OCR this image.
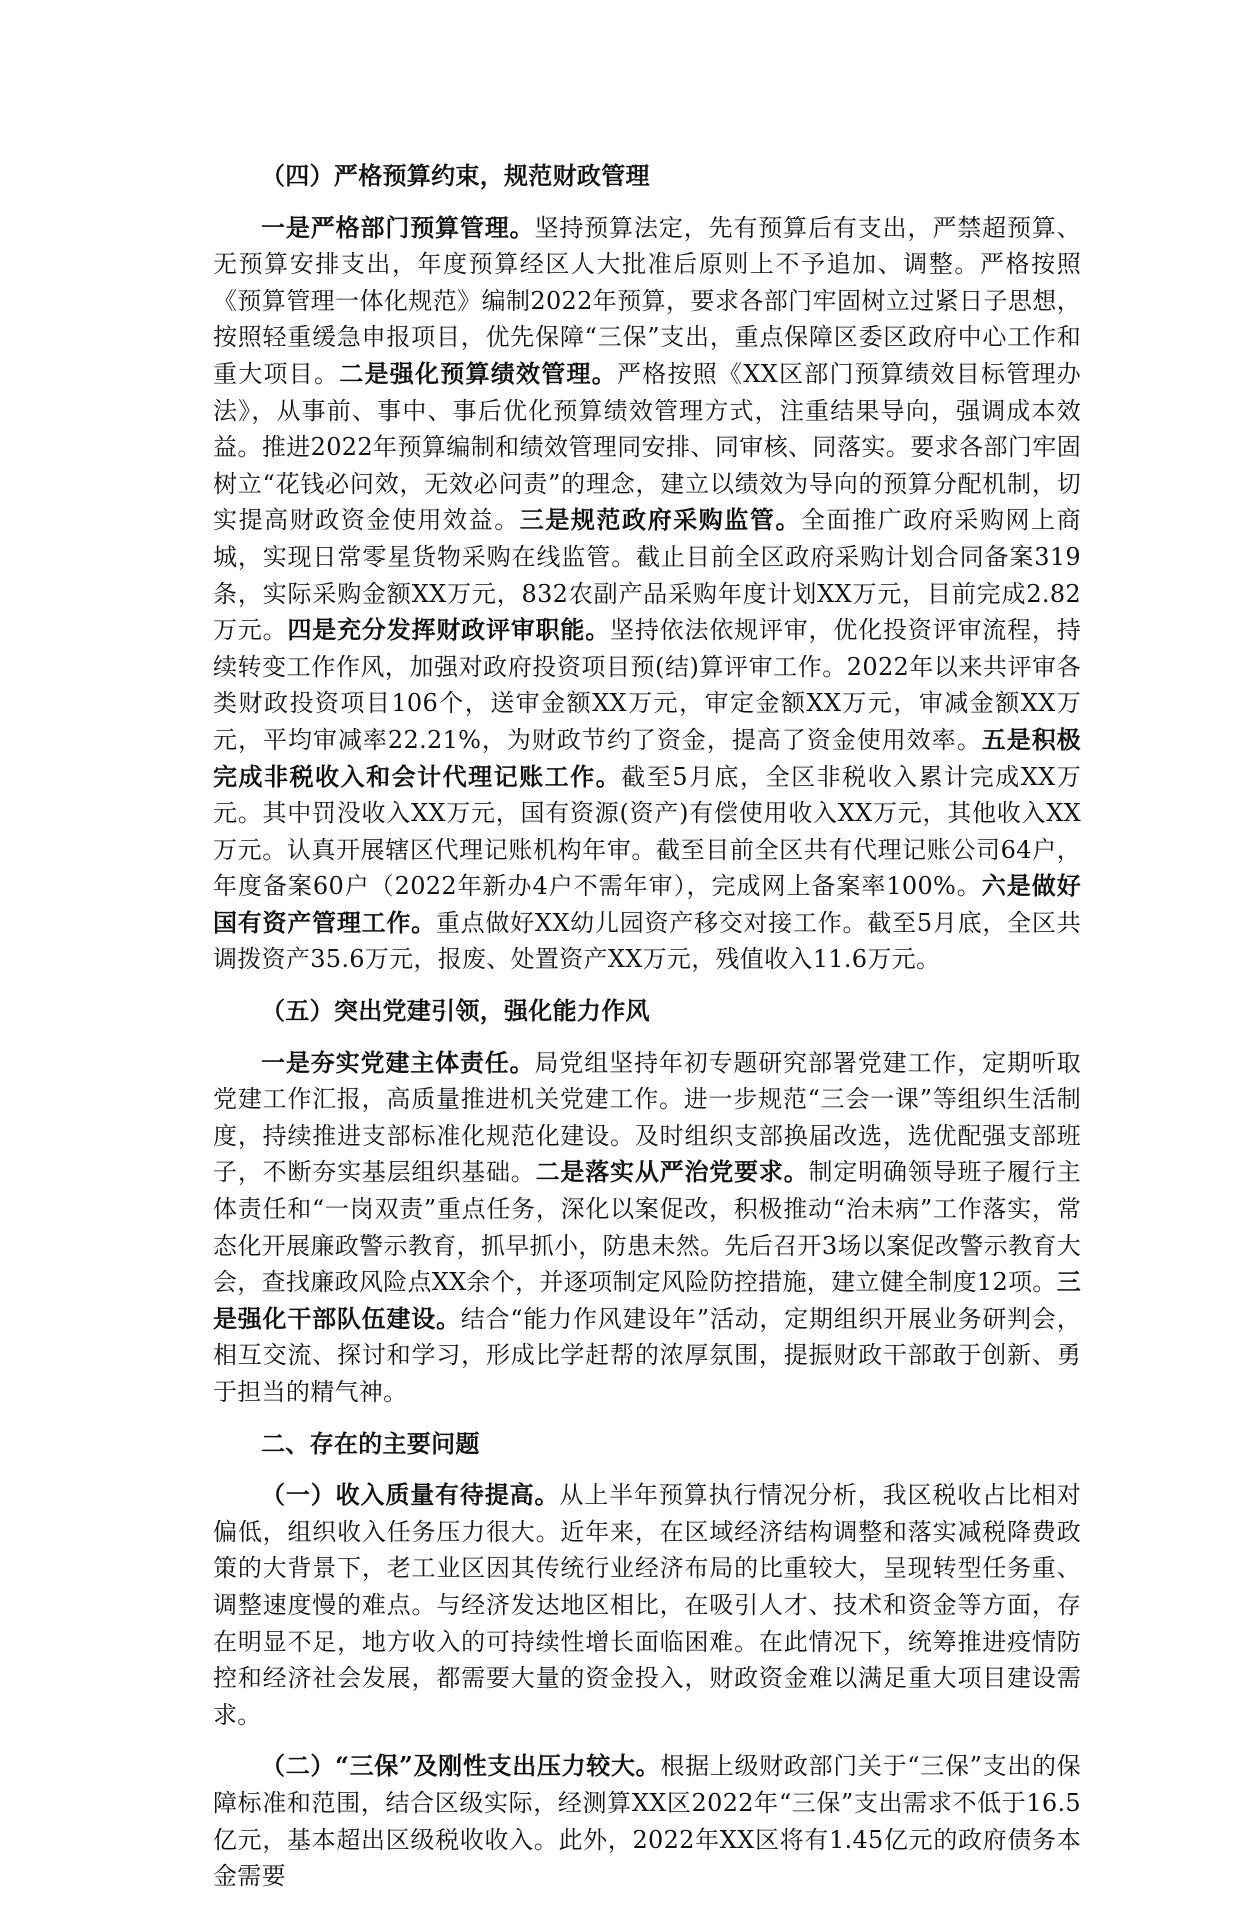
（四）严格预算约束，规范财政管理

一是严格部门预算管理。坚持预算法定，先有预算后有支出，严禁超预算、无预算安排支出，年度预算经区人大批准后原则上不予追加、调整。严格按照《预算管理一体化规范》编制2022年预算，要求各部门牢固树立过紧日子思想，按照轻重缓急申报项目，优先保障“三保”支出，重点保障区委区政府中心工作和重大项目。二是强化预算绩效管理。严格按照《XX区部门预算绩效目标管理办法》，从事前、事中、事后优化预算绩效管理方式，注重结果导向，强调成本效益。推进2022年预算编制和绩效管理同安排、同审核、同落实。要求各部门牢固树立“花钱必问效，无效必问责”的理念，建立以绩效为导向的预算分配机制，切实提高财政资金使用效益。三是规范政府采购监管。全面推广政府采购网上商城，实现日常零星货物采购在线监管。截止目前全区政府采购计划合同备案319条，实际采购金额XX万元，832农副产品采购年度计划XX万元，目前完成2.82万元。四是充分发挥财政评审职能。坚持依法依规评审，优化投资评审流程，持续转变工作作风，加强对政府投资项目预(结)算评审工作。2022年以来共评审各类财政投资项目106个，送审金额XX万元，审定金额XX万元，审减金额XX万元，平均审减率22.21%，为财政节约了资金，提高了资金使用效率。五是积极完成非税收入和会计代理记账工作。截至5月底，全区非税收入累计完成XX万元。其中罚没收入XX万元，国有资源(资产)有偿使用收入XX万元，其他收入XX万元。认真开展辖区代理记账机构年审。截至目前全区共有代理记账公司64户，年度备案60户（2022年新办4户不需年审），完成网上备案率100%。六是做好国有资产管理工作。重点做好XX幼儿园资产移交对接工作。截至5月底，全区共调拨资产35.6万元，报废、处置资产XX万元，残值收入11.6万元。

（五）突出党建引领，强化能力作风

一是夯实党建主体责任。局党组坚持年初专题研究部署党建工作，定期听取党建工作汇报，高质量推进机关党建工作。进一步规范“三会一课”等组织生活制度，持续推进支部标准化规范化建设。及时组织支部换届改选，选优配强支部班子，不断夯实基层组织基础。二是落实从严治党要求。制定明确领导班子履行主体责任和“一岗双责”重点任务，深化以案促改，积极推动“治未病”工作落实，常态化开展廉政警示教育，抓早抓小，防患未然。先后召开3场以案促改警示教育大会，查找廉政风险点XX余个，并逐项制定风险防控措施，建立健全制度12项。三是强化干部队伍建设。结合“能力作风建设年”活动，定期组织开展业务研判会，相互交流、探讨和学习，形成比学赶帮的浓厚氛围，提振财政干部敢于创新、勇于担当的精气神。

二、存在的主要问题

（一）收入质量有待提高。从上半年预算执行情况分析，我区税收占比相对偏低，组织收入任务压力很大。近年来，在区域经济结构调整和落实减税降费政策的大背景下，老工业区因其传统行业经济布局的比重较大，呈现转型任务重、调整速度慢的难点。与经济发达地区相比，在吸引人才、技术和资金等方面，存在明显不足，地方收入的可持续性增长面临困难。在此情况下，统筹推进疫情防控和经济社会发展，都需要大量的资金投入，财政资金难以满足重大项目建设需求。

（二）“三保”及刚性支出压力较大。根据上级财政部门关于“三保”支出的保障标准和范围，结合区级实际，经测算XX区2022年“三保”支出需求不低于16.5亿元，基本超出区级税收收入。此外，2022年XX区将有1.45亿元的政府债务本金需要
